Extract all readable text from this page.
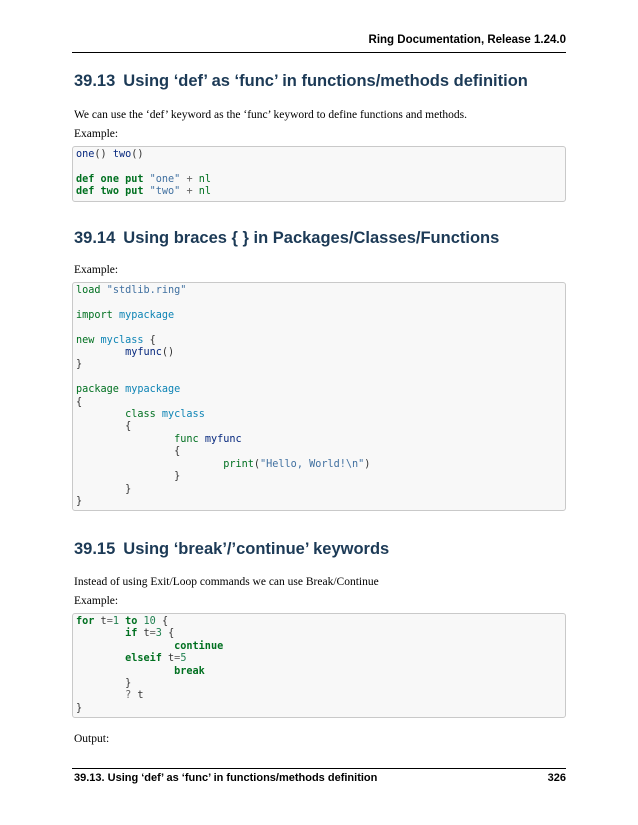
Ring Documentation, Release 1.24.0
39.13 Using ‘def’ as ‘func’ in functions/methods definition

We can use the ‘def’ keyword as the ‘func’ keyword to define functions and methods.

Example:

one() two()

def one put "one" + nl
def two put "two" + nl
39.14 Using braces { } in Packages/Classes/Functions

Example:

load "stdlib.ring"

import mypackage

new myclass {
myfunc()
}

package mypackage
{
class myclass
{
func myfunc
{
print("Hello, World!\n")
}
}
}
39.15 Using ‘break’/’continue’ keywords

Instead of using Exit/Loop commands we can use Break/Continue

Example:

for t=1 to 10 {
if t=3 {
continue
elseif t=5
break
}
? t
}

Output:

39.13. Using ‘def’ as ‘func’ in functions/methods definition	326
